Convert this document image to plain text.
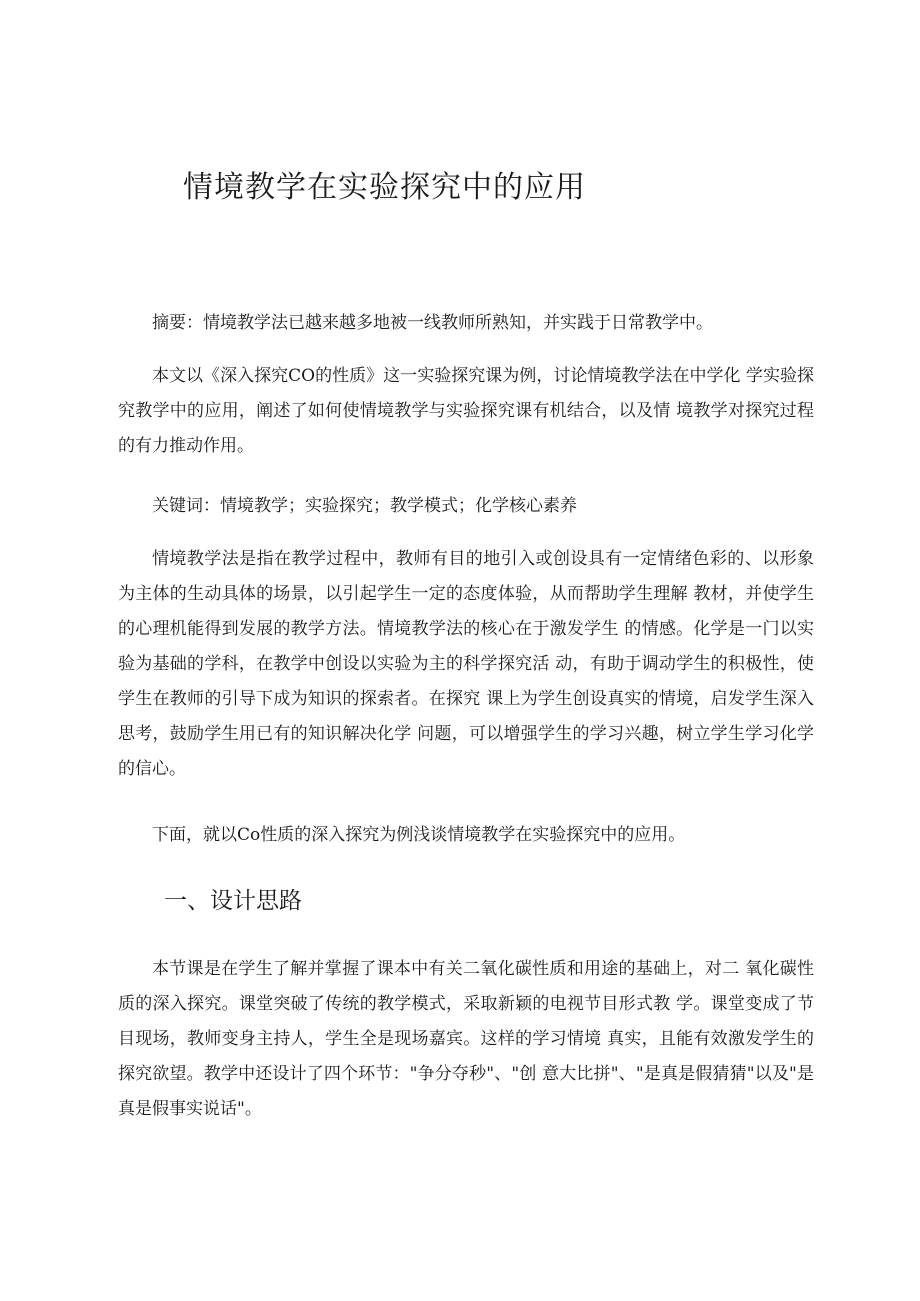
情境教学在实验探究中的应用

摘要：情境教学法已越来越多地被一线教师所熟知，并实践于日常教学中。

本文以《深入探究CO的性质》这一实验探究课为例，讨论情境教学法在中学化 学实验探究教学中的应用，阐述了如何使情境教学与实验探究课有机结合，以及情 境教学对探究过程的有力推动作用。

关键词：情境教学；实验探究；教学模式；化学核心素养

情境教学法是指在教学过程中，教师有目的地引入或创设具有一定情绪色彩的、以形象为主体的生动具体的场景，以引起学生一定的态度体验，从而帮助学生理解 教材，并使学生的心理机能得到发展的教学方法。情境教学法的核心在于激发学生 的情感。化学是一门以实验为基础的学科，在教学中创设以实验为主的科学探究活 动，有助于调动学生的积极性，使学生在教师的引导下成为知识的探索者。在探究 课上为学生创设真实的情境，启发学生深入思考，鼓励学生用已有的知识解决化学 问题，可以增强学生的学习兴趣，树立学生学习化学的信心。

下面，就以Co性质的深入探究为例浅谈情境教学在实验探究中的应用。

一、设计思路

本节课是在学生了解并掌握了课本中有关二氧化碳性质和用途的基础上，对二 氧化碳性质的深入探究。课堂突破了传统的教学模式，采取新颖的电视节目形式教 学。课堂变成了节目现场，教师变身主持人，学生全是现场嘉宾。这样的学习情境 真实，且能有效激发学生的探究欲望。教学中还设计了四个环节："争分夺秒"、"创 意大比拼"、"是真是假猜猜"以及"是真是假事实说话"。
